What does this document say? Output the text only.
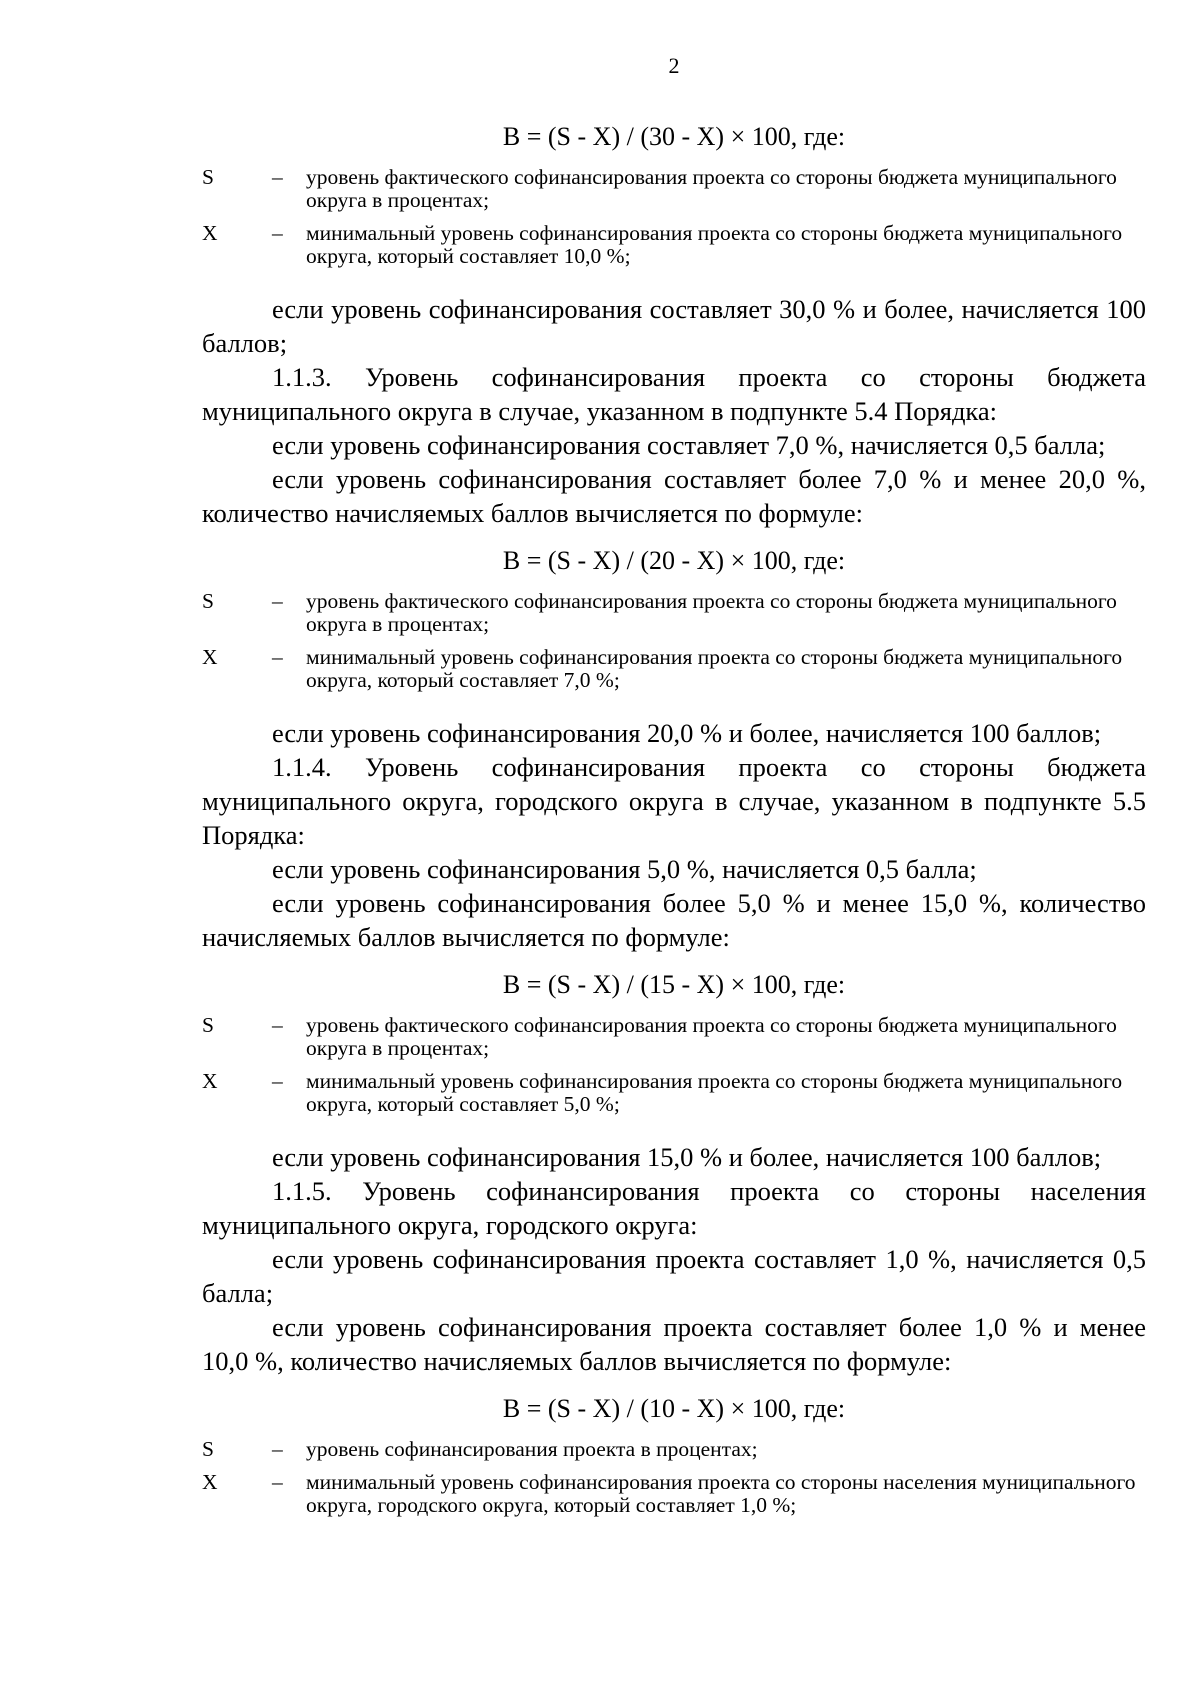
2
B = (S - X) / (30 - X) × 100, где:
S	–	уровень фактического софинансирования проекта со стороны бюджета муниципального округа в процентах;
X	–	минимальный уровень софинансирования проекта со стороны бюджета муниципального округа, который составляет 10,0 %;

если уровень софинансирования составляет 30,0 % и более, начисляется 100 баллов;

1.1.3. Уровень софинансирования проекта со стороны бюджета муниципального округа в случае, указанном в подпункте 5.4 Порядка:

если уровень софинансирования составляет 7,0 %, начисляется 0,5 балла;

если уровень софинансирования составляет более 7,0 % и менее 20,0 %, количество начисляемых баллов вычисляется по формуле:

B = (S - X) / (20 - X) × 100, где:
S	–	уровень фактического софинансирования проекта со стороны бюджета муниципального округа в процентах;
X	–	минимальный уровень софинансирования проекта со стороны бюджета муниципального округа, который составляет 7,0 %;

если уровень софинансирования 20,0 % и более, начисляется 100 баллов;

1.1.4. Уровень софинансирования проекта со стороны бюджета муниципального округа, городского округа в случае, указанном в подпункте 5.5 Порядка:

если уровень софинансирования 5,0 %, начисляется 0,5 балла;

если уровень софинансирования более 5,0 % и менее 15,0 %, количество начисляемых баллов вычисляется по формуле:

B = (S - X) / (15 - X) × 100, где:
S	–	уровень фактического софинансирования проекта со стороны бюджета муниципального округа в процентах;
X	–	минимальный уровень софинансирования проекта со стороны бюджета муниципального округа, который составляет 5,0 %;

если уровень софинансирования 15,0 % и более, начисляется 100 баллов;

1.1.5. Уровень софинансирования проекта со стороны населения муниципального округа, городского округа:

если уровень софинансирования проекта составляет 1,0 %, начисляется 0,5 балла;

если уровень софинансирования проекта составляет более 1,0 % и менее 10,0 %, количество начисляемых баллов вычисляется по формуле:

B = (S - X) / (10 - X) × 100, где:
S	–	уровень софинансирования проекта в процентах;
X	–	минимальный уровень софинансирования проекта со стороны населения муниципального округа, городского округа, который составляет 1,0 %;
